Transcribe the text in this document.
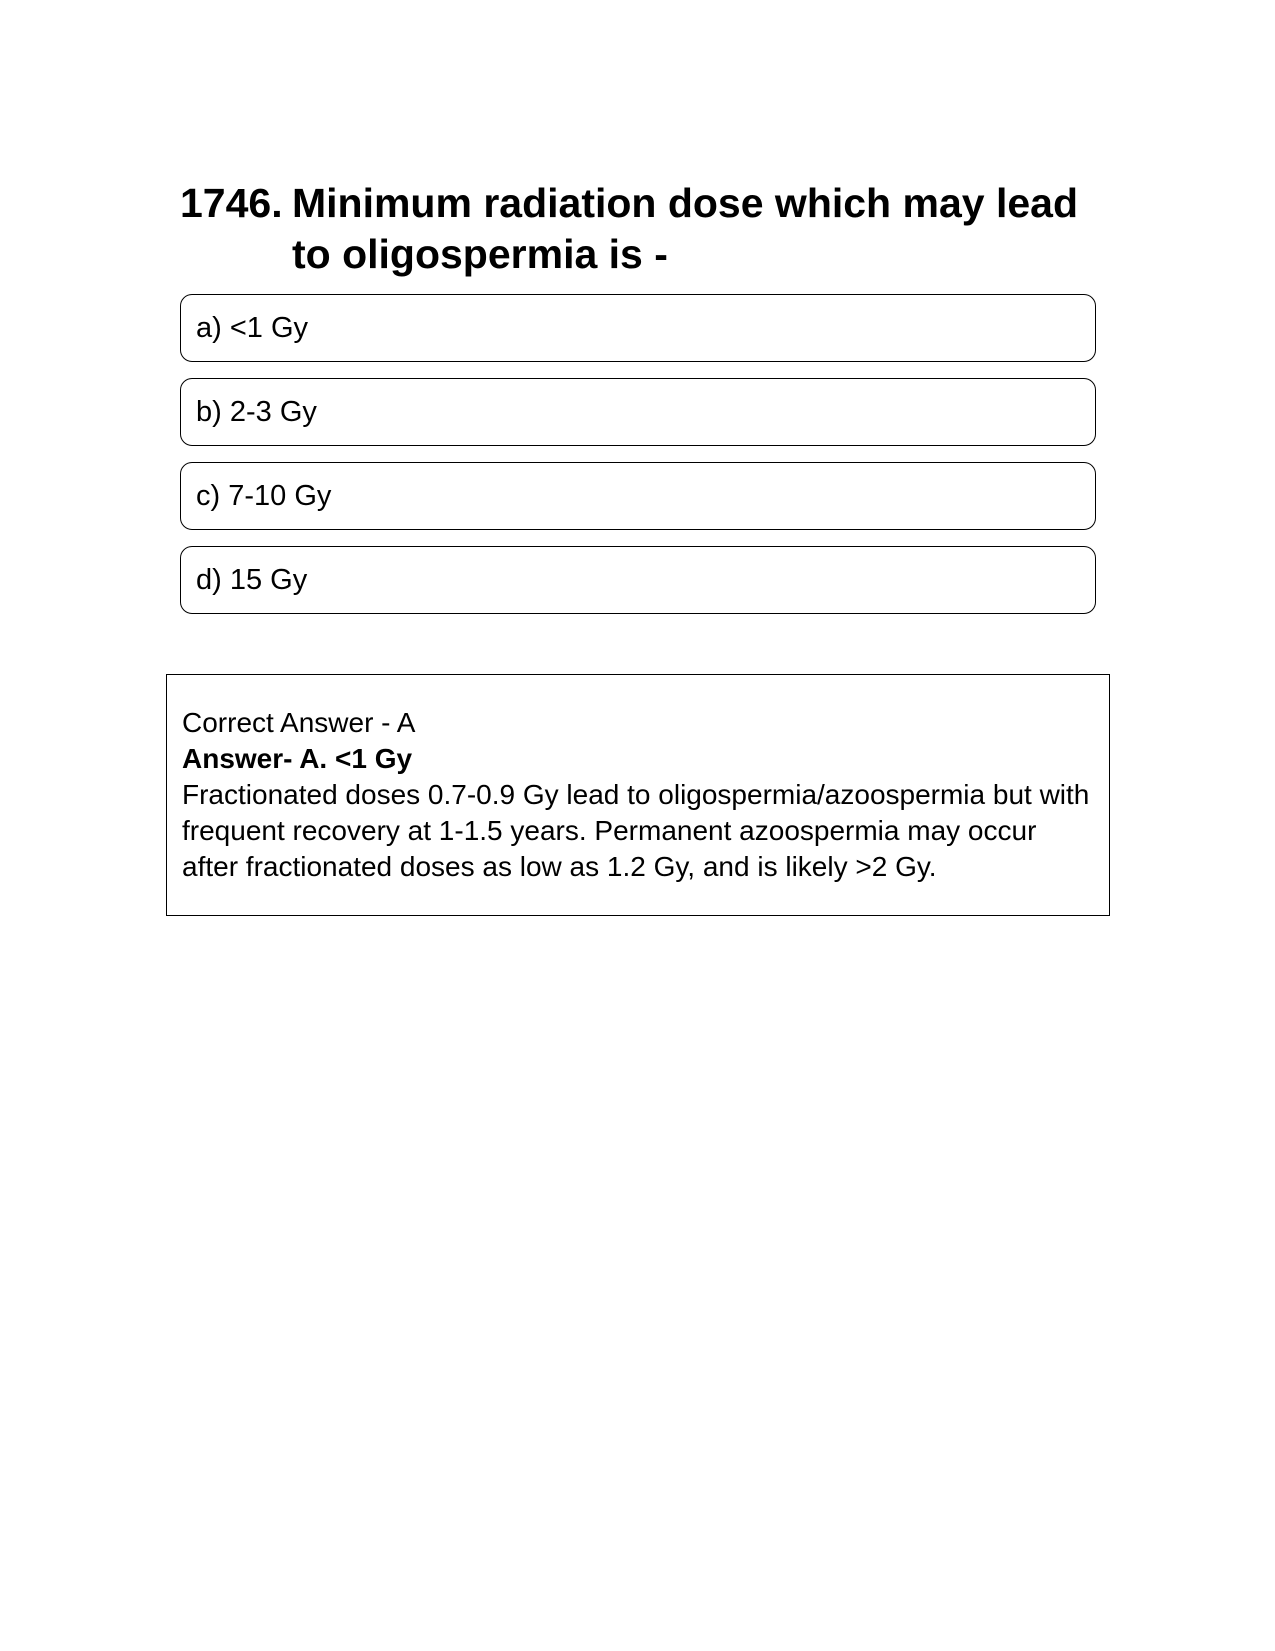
1746. Minimum radiation dose which may lead to oligospermia is -
a) <1 Gy
b) 2-3 Gy
c) 7-10 Gy
d) 15 Gy
Correct Answer - A
Answer- A. <1 Gy
Fractionated doses 0.7-0.9 Gy lead to oligospermia/azoospermia but with frequent recovery at 1-1.5 years. Permanent azoospermia may occur after fractionated doses as low as 1.2 Gy, and is likely >2 Gy.
